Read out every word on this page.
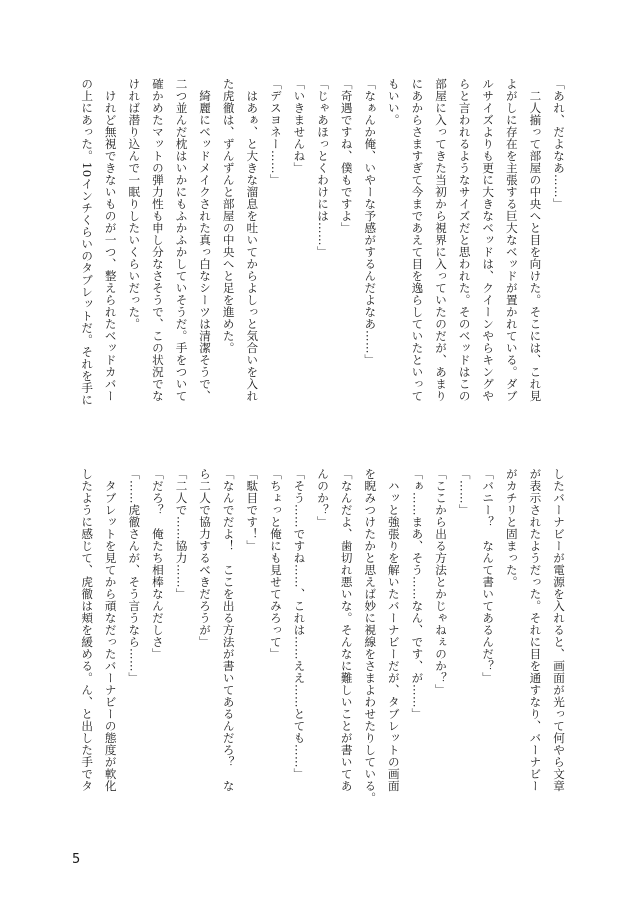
「あれ、だよなあ……」

　二人揃って部屋の中央へと目を向けた。そこには、これ見

よがしに存在を主張する巨大なベッドが置かれている。ダブ

ルサイズよりも更に大きなベッドは、クイーンやらキングや

らと言われるようなサイズだと思われた。そのベッドはこの

部屋に入ってきた当初から視界に入っていたのだが、あまり

にあからさますぎて今まであえて目を逸らしていたといって

もいい。

「なぁんか俺、いやーな予感がするんだよなあ……」

「奇遇ですね、僕もですよ」

「じゃあほっとくわけには……」

「いきませんね」

「デスヨネー……」

　はあぁ、と大きな溜息を吐いてからよしっと気合いを入れ

た虎徹は、ずんずんと部屋の中央へと足を進めた。

　綺麗にベッドメイクされた真っ白なシーツは清潔そうで、

二つ並んだ枕はいかにもふかふかしていそうだ。手をついて

確かめたマットの弾力性も申し分なさそうで、この状況でな

ければ潜り込んで一眠りしたいくらいだった。

　けれど無視できないものが一つ、整えられたベッドカバー

の上にあった。10インチくらいのタブレットだ。それを手に

したバーナビーが電源を入れると、画面が光って何やら文章

が表示されたようだった。それに目を通すなり、バーナビー

がカチリと固まった。

「バニー？　なんて書いてあるんだ？」

「……」

「ここから出る方法とかじゃねぇのか？」

「ぁ……まあ、そう……なん、です、が……」

　ハッと強張りを解いたバーナビーだが、タブレットの画面

を睨みつけたかと思えば妙に視線をさまよわせたりしている。

「なんだよ、歯切れ悪いな。そんなに難しいことが書いてあ

んのか？」

「そう……ですね……、これは……ええ……とても……」

「ちょっと俺にも見せてみろって」

「駄目です！」

「なんでだよ！　ここを出る方法が書いてあるんだろ？　な

ら二人で協力するべきだろうが」

「二人で……協力……」

「だろ？　俺たち相棒なんだしさ」

「……虎徹さんが、そう言うなら……」

　タブレットを見てから頑なだったバーナビーの態度が軟化

したように感じて、虎徹は頬を緩める。ん、と出した手でタ

5
